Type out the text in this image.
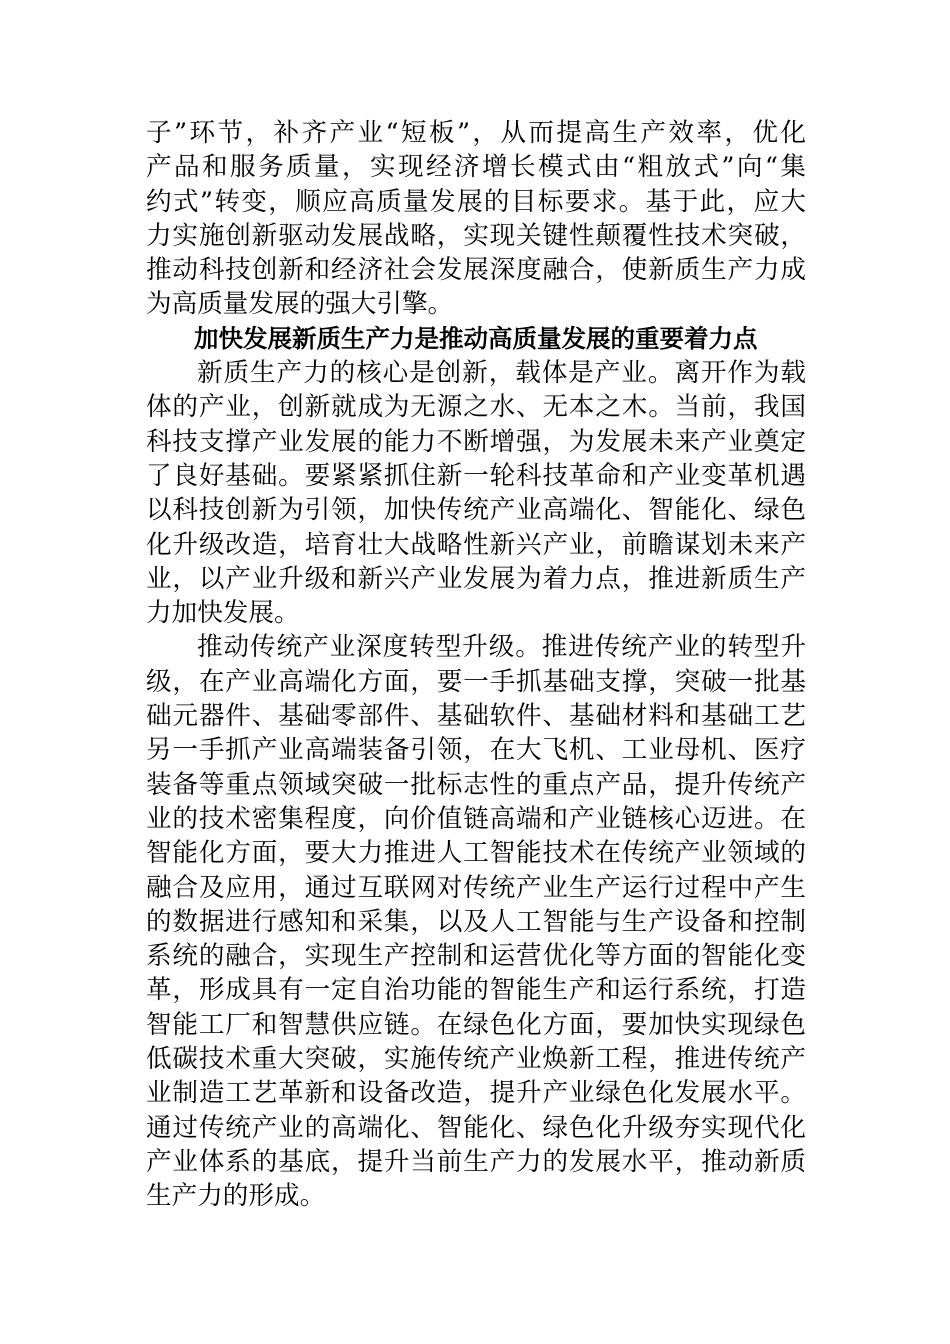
子”环节，补齐产业“短板”，从而提高生产效率，优化
产品和服务质量，实现经济增长模式由“粗放式”向“集
约式”转变，顺应高质量发展的目标要求。基于此，应大
力实施创新驱动发展战略，实现关键性颠覆性技术突破，
推动科技创新和经济社会发展深度融合，使新质生产力成
为高质量发展的强大引擎。
加快发展新质生产力是推动高质量发展的重要着力点
新质生产力的核心是创新，载体是产业。离开作为载
体的产业，创新就成为无源之水、无本之木。当前，我国
科技支撑产业发展的能力不断增强，为发展未来产业奠定
了良好基础。要紧紧抓住新一轮科技革命和产业变革机遇
以科技创新为引领，加快传统产业高端化、智能化、绿色
化升级改造，培育壮大战略性新兴产业，前瞻谋划未来产
业，以产业升级和新兴产业发展为着力点，推进新质生产
力加快发展。
推动传统产业深度转型升级。推进传统产业的转型升
级，在产业高端化方面，要一手抓基础支撑，突破一批基
础元器件、基础零部件、基础软件、基础材料和基础工艺
另一手抓产业高端装备引领，在大飞机、工业母机、医疗
装备等重点领域突破一批标志性的重点产品，提升传统产
业的技术密集程度，向价值链高端和产业链核心迈进。在
智能化方面，要大力推进人工智能技术在传统产业领域的
融合及应用，通过互联网对传统产业生产运行过程中产生
的数据进行感知和采集，以及人工智能与生产设备和控制
系统的融合，实现生产控制和运营优化等方面的智能化变
革，形成具有一定自治功能的智能生产和运行系统，打造
智能工厂和智慧供应链。在绿色化方面，要加快实现绿色
低碳技术重大突破，实施传统产业焕新工程，推进传统产
业制造工艺革新和设备改造，提升产业绿色化发展水平。
通过传统产业的高端化、智能化、绿色化升级夯实现代化
产业体系的基底，提升当前生产力的发展水平，推动新质
生产力的形成。
